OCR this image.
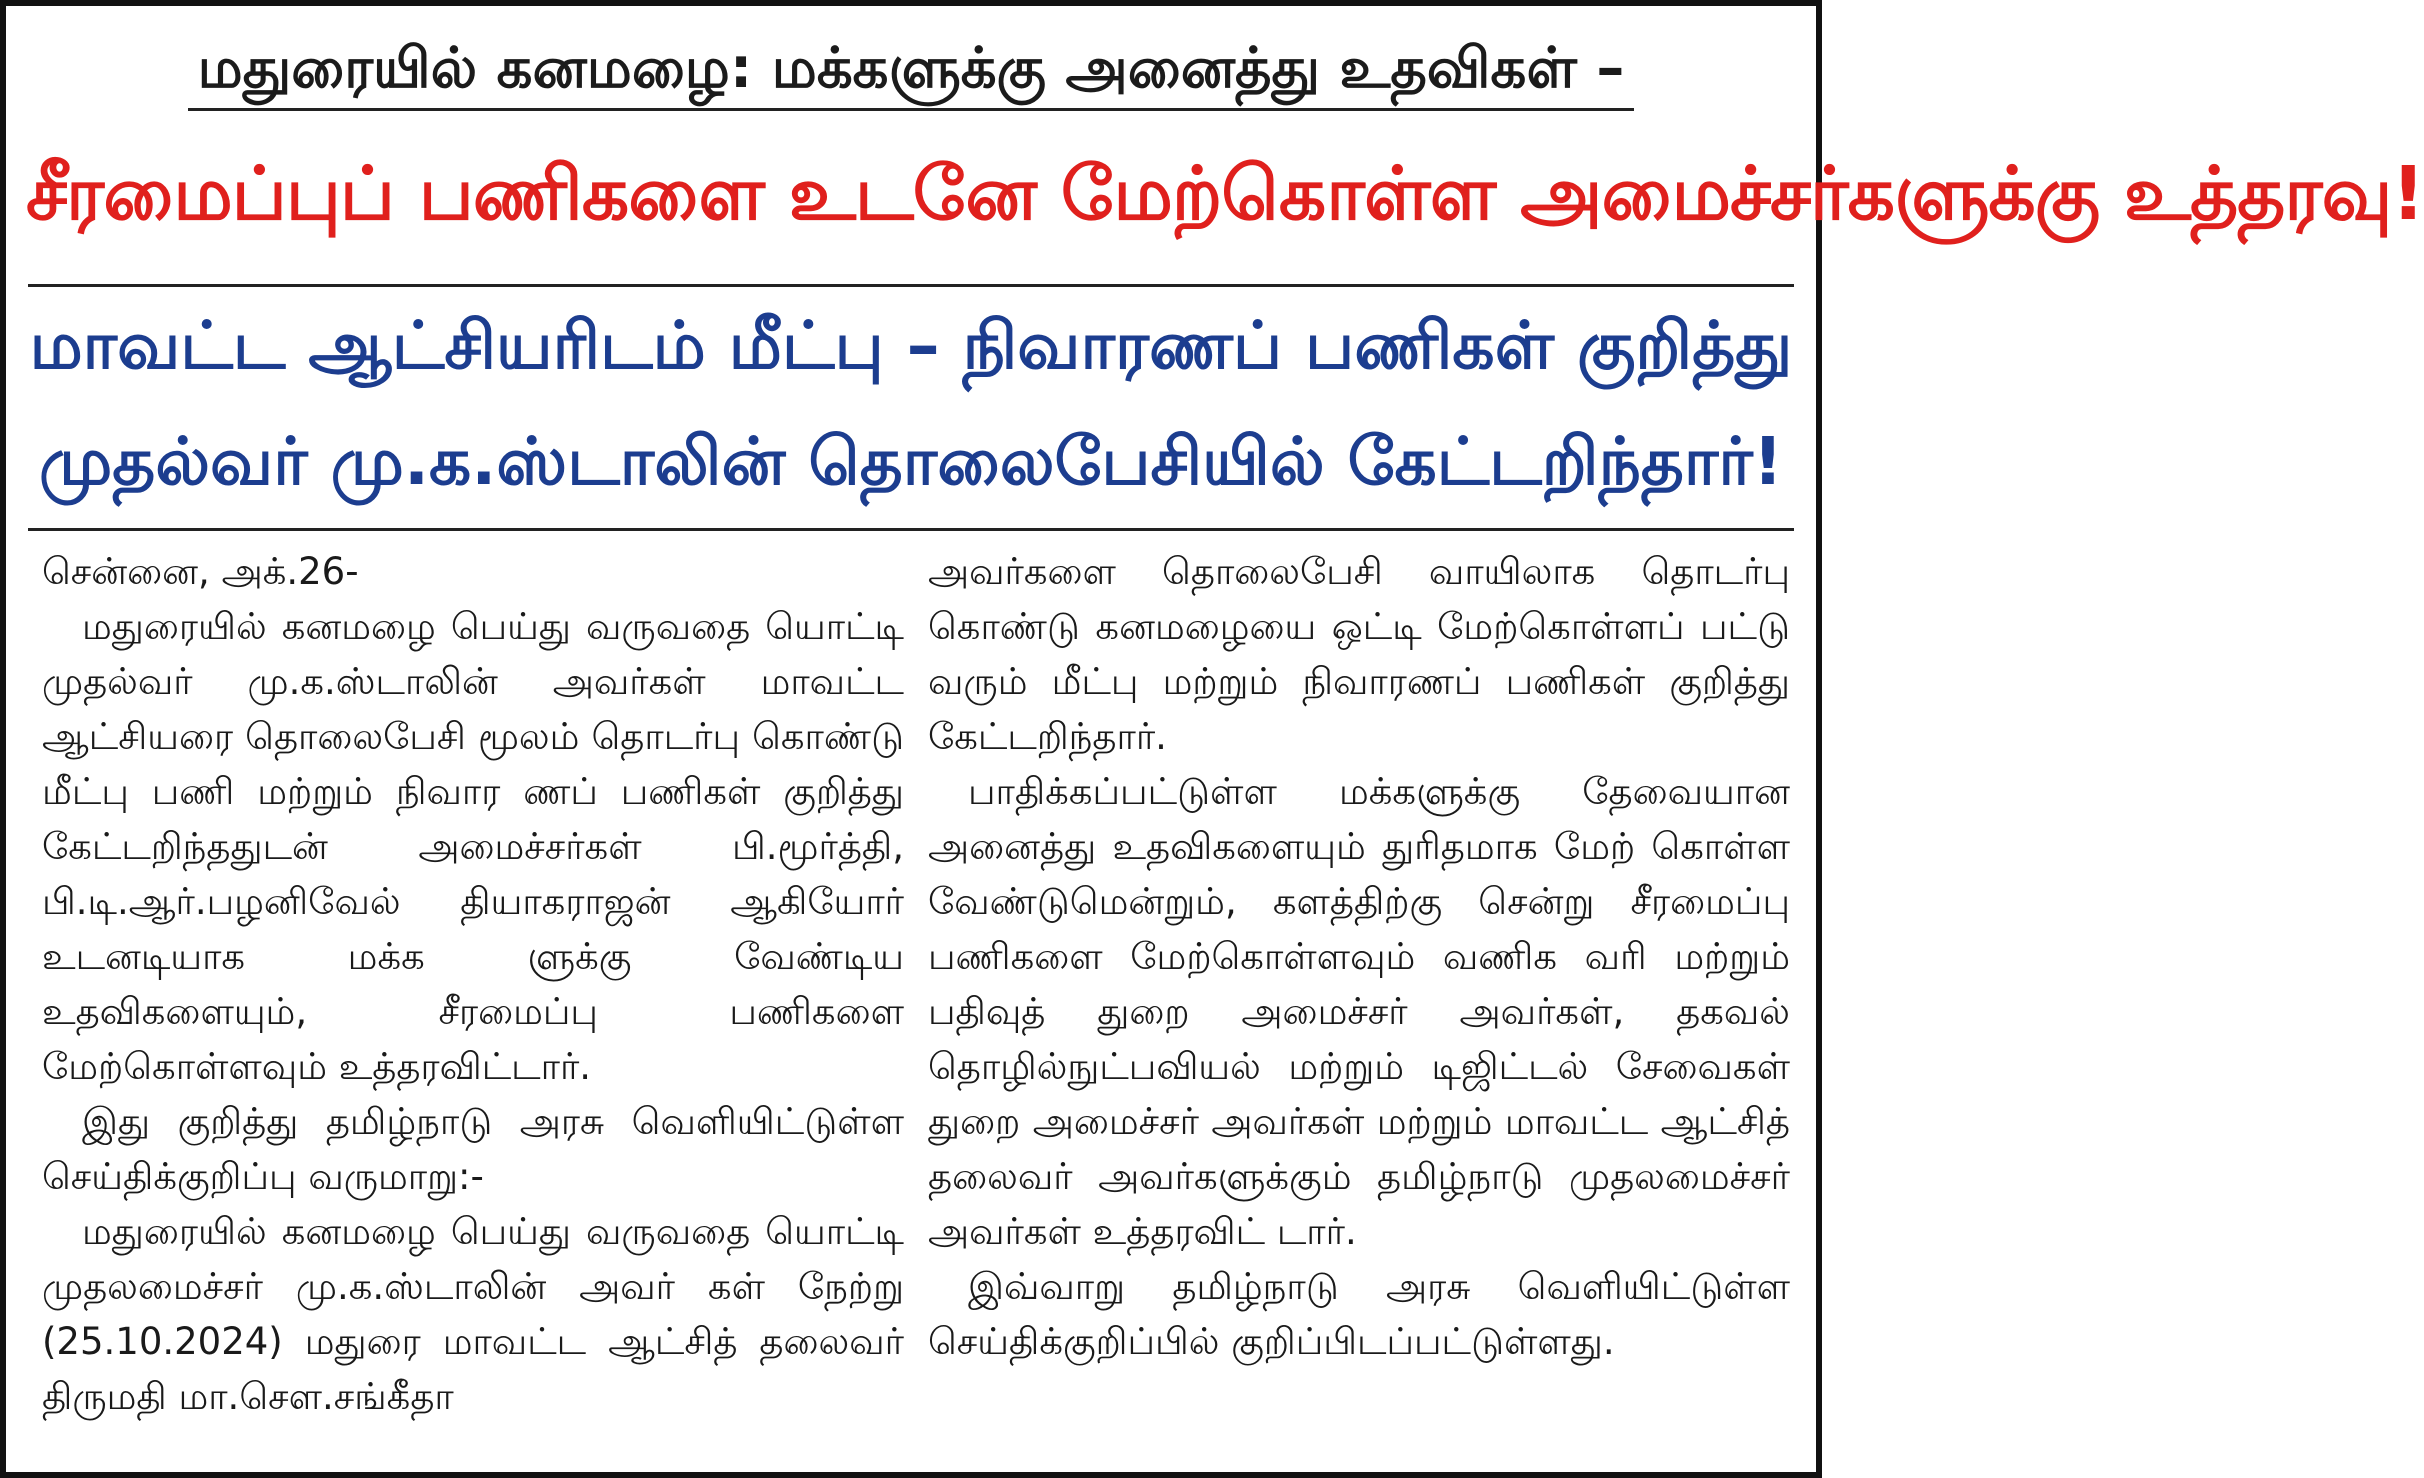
மதுரையில் கனமழை: மக்களுக்கு அனைத்து உதவிகள் –
சீரமைப்புப் பணிகளை உடனே மேற்கொள்ள அமைச்சர்களுக்கு உத்தரவு!
மாவட்ட ஆட்சியரிடம் மீட்பு – நிவாரணப் பணிகள் குறித்து
முதல்வர் மு.க.ஸ்டாலின் தொலைபேசியில் கேட்டறிந்தார்!

சென்னை, அக்.26-

மதுரையில் கனமழை பெய்து வருவதை யொட்டி முதல்வர் மு.க.ஸ்டாலின் அவர்கள் மாவட்ட ஆட்சியரை தொலைபேசி மூலம் தொடர்பு கொண்டு மீட்பு பணி மற்றும் நிவார ணப் பணிகள் குறித்து கேட்டறிந்ததுடன் அமைச்சர்கள் பி.மூர்த்தி, பி.டி.ஆர்.பழனிவேல் தியாகராஜன் ஆகியோர் உடனடியாக மக்க ளுக்கு வேண்டிய உதவிகளையும், சீரமைப்பு பணிகளை மேற்கொள்ளவும் உத்தரவிட்டார்.

இது குறித்து தமிழ்நாடு அரசு வெளியிட்டுள்ள செய்திக்குறிப்பு வருமாறு:-

மதுரையில் கனமழை பெய்து வருவதை யொட்டி முதலமைச்சர் மு.க.ஸ்டாலின் அவர் கள் நேற்று (25.10.2024) மதுரை மாவட்ட ஆட்சித் தலைவர் திருமதி மா.சௌ.சங்கீதா

அவர்களை தொலைபேசி வாயிலாக தொடர்பு கொண்டு கனமழையை ஒட்டி மேற்கொள்ளப் பட்டு வரும் மீட்பு மற்றும் நிவாரணப் பணிகள் குறித்து கேட்டறிந்தார்.

பாதிக்கப்பட்டுள்ள மக்களுக்கு தேவையான அனைத்து உதவிகளையும் துரிதமாக மேற் கொள்ள வேண்டுமென்றும், களத்திற்கு சென்று சீரமைப்பு பணிகளை மேற்கொள்ளவும் வணிக வரி மற்றும் பதிவுத் துறை அமைச்சர் அவர்கள், தகவல் தொழில்நுட்பவியல் மற்றும் டிஜிட்டல் சேவைகள் துறை அமைச்சர் அவர்கள் மற்றும் மாவட்ட ஆட்சித் தலைவர் அவர்களுக்கும் தமிழ்நாடு முதலமைச்சர் அவர்கள் உத்தரவிட் டார்.

இவ்வாறு தமிழ்நாடு அரசு வெளியிட்டுள்ள செய்திக்குறிப்பில் குறிப்பிடப்பட்டுள்ளது.
